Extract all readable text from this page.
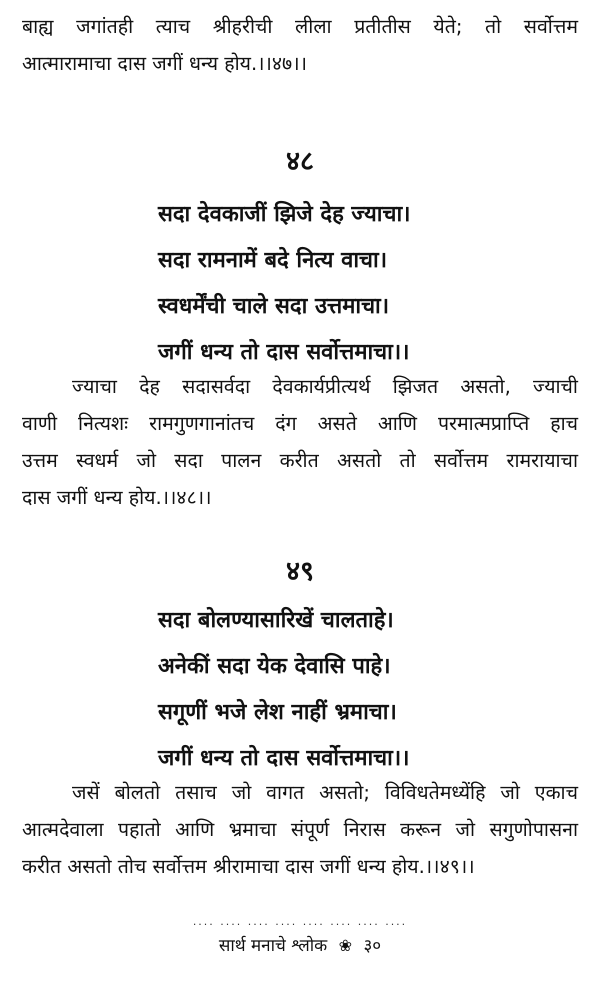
बाह्य जगांतही त्याच श्रीहरीची लीला प्रतीतीस येते; तो सर्वोत्तम
आत्मारामाचा दास जगीं धन्य होय.।।४७।।

४८

सदा देवकाजीं झिजे देह ज्याचा।
सदा रामनामें बदे नित्य वाचा।
स्वधर्मेंची चाले सदा उत्तमाचा।
जगीं धन्य तो दास सर्वोत्तमाचा।।

ज्याचा देह सदासर्वदा देवकार्यप्रीत्यर्थ झिजत असतो, ज्याची
वाणी नित्यशः रामगुणगानांतच दंग असते आणि परमात्मप्राप्ति हाच
उत्तम स्वधर्म जो सदा पालन करीत असतो तो सर्वोत्तम रामरायाचा
दास जगीं धन्य होय.।।४८।।

४९

सदा बोलण्यासारिखें चालताहे।
अनेकीं सदा येक देवासि पाहे।
सगूणीं भजे लेश नाहीं भ्रमाचा।
जगीं धन्य तो दास सर्वोत्तमाचा।।

जसें बोलतो तसाच जो वागत असतो; विविधतेमध्येंहि जो एकाच
आत्मदेवाला पहातो आणि भ्रमाचा संपूर्ण निरास करून जो सगुणोपासना
करीत असतो तोच सर्वोत्तम श्रीरामाचा दास जगीं धन्य होय.।।४९।।

.... .... .... .... .... .... .... ....
सार्थ मनाचे श्लोक ❀ ३०
